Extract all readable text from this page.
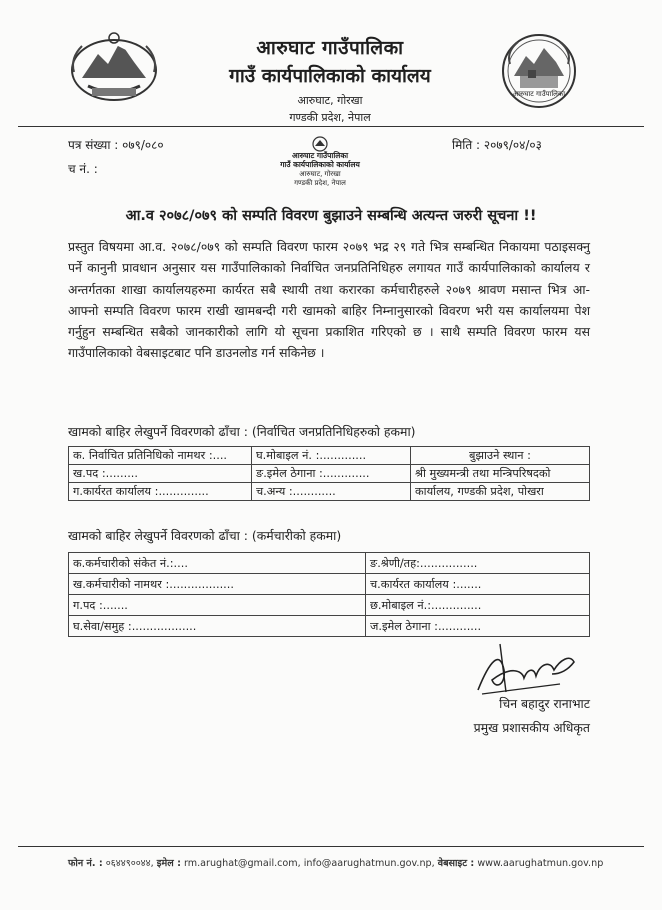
आरुघाट गाउँपालिका
गाउँ कार्यपालिकाको कार्यालय
आरुघाट, गोरखा
गण्डकी प्रदेश, नेपाल
आरुघाट गाउँपालिका
पत्र संख्या : ०७९/०८०
च नं. :
मिति : २०७९/०४/०३
आरुघाट गाउँपालिका
गाउँ कार्यपालिकाको कार्यालय
आरुघाट, गोरखा
गण्डकी प्रदेश, नेपाल
आ.व २०७८/०७९ को सम्पति विवरण बुझाउने सम्बन्धि अत्यन्त जरुरी सूचना !!
प्रस्तुत विषयमा आ.व. २०७८/०७९ को सम्पति विवरण फारम २०७९ भद्र २९ गते भित्र सम्बन्धित निकायमा पठाइसक्नु पर्ने कानुनी प्रावधान अनुसार यस गाउँपालिकाको निर्वाचित जनप्रतिनिधिहरु लगायत गाउँ कार्यपालिकाको कार्यालय र अन्तर्गतका शाखा कार्यालयहरुमा कार्यरत सबै स्थायी तथा करारका कर्मचारीहरुले २०७९ श्रावण मसान्त भित्र आ-आफ्नो सम्पति विवरण फारम राखी खामबन्दी गरी खामको बाहिर निम्नानुसारको विवरण भरी यस कार्यालयमा पेश गर्नुहुन सम्बन्धित सबैको जानकारीको लागि यो सूचना प्रकाशित गरिएको छ । साथै सम्पति विवरण फारम यस गाउँपालिकाको वेबसाइटबाट पनि डाउनलोड गर्न सकिनेछ ।
खामको बाहिर लेखुपर्ने विवरणको ढाँचा : (निर्वाचित जनप्रतिनिधिहरुको हकमा)
क. निर्वाचित प्रतिनिधिको नामथर :....	घ.मोबाइल नं. :.............	बुझाउने स्थान :
ख.पद :.........	ङ.इमेल ठेगाना :.............	श्री मुख्यमन्त्री तथा मन्त्रिपरिषदको
ग.कार्यरत कार्यालय :..............	च.अन्य :............	कार्यालय, गण्डकी प्रदेश, पोखरा
खामको बाहिर लेखुपर्ने विवरणको ढाँचा : (कर्मचारीको हकमा)
क.कर्मचारीको संकेत नं.:....	ङ.श्रेणी/तह:................
ख.कर्मचारीको नामथर :..................	च.कार्यरत कार्यालय :.......
ग.पद :.......	छ.मोबाइल नं.:..............
घ.सेवा/समुह :..................	ज.इमेल ठेगाना :............
चिन बहादुर रानाभाट
प्रमुख प्रशासकीय अधिकृत
फोन नं. : ०६४४९००४४, इमेल : rm.arughat@gmail.com, info@aarughatmun.gov.np, वेबसाइट : www.aarughatmun.gov.np
